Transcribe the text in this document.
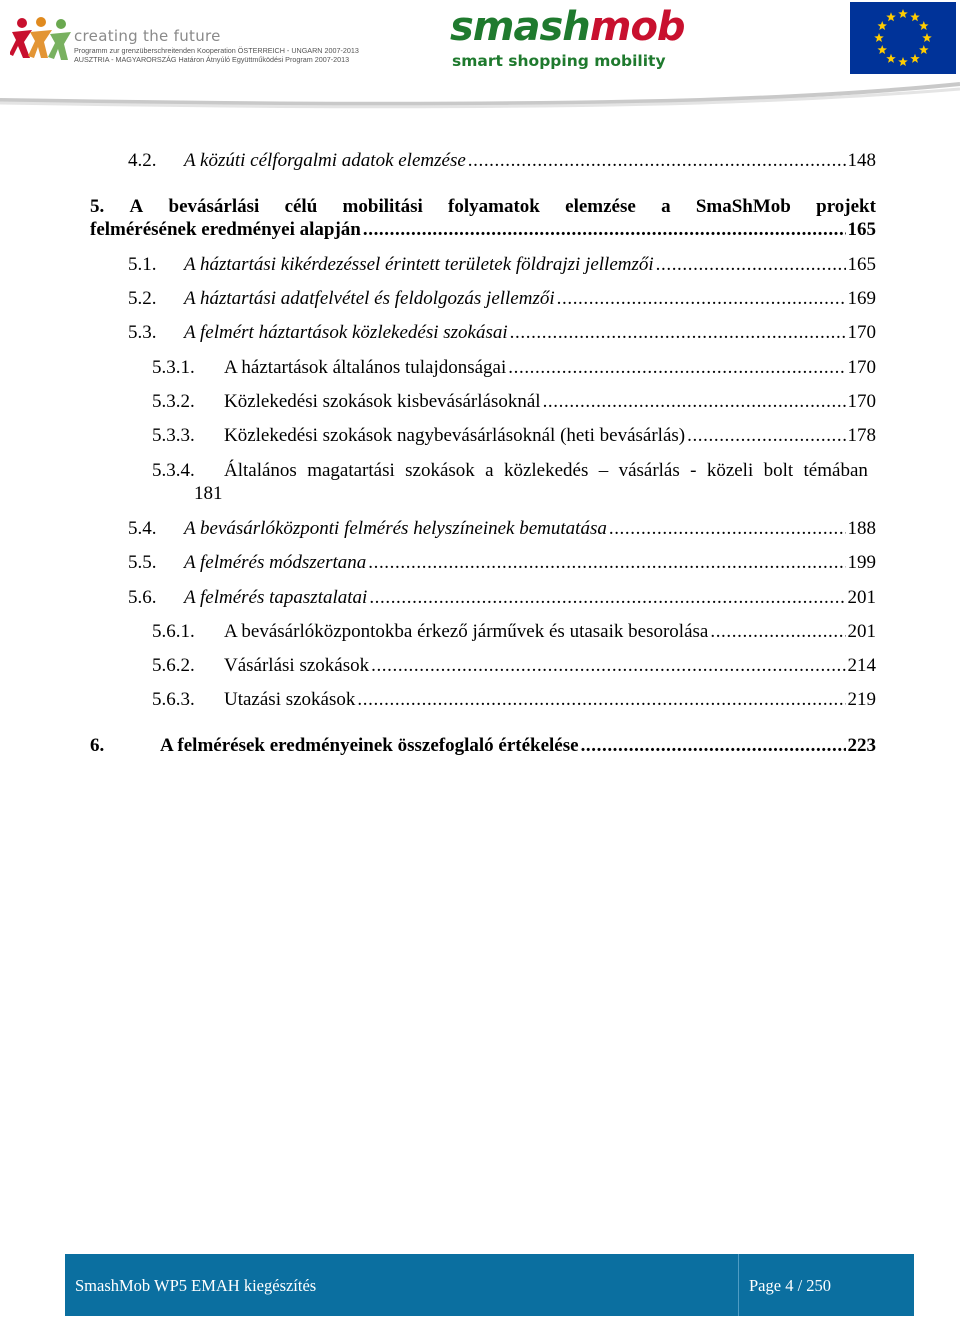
creating the future
Programm zur grenzüberschreitenden Kooperation ÖSTERREICH - UNGARN 2007-2013
AUSZTRIA - MAGYARORSZÁG Határon Átnyúló Együttműködési Program 2007-2013
smashmob
smart shopping mobility
4.2.	A közúti célforgalmi adatok elemzése .....	148
5. A bevásárlási célú mobilitási folyamatok elemzése a SmaShMob projekt
felmérésének eredményei alapján .....	165
5.1.	A háztartási kikérdezéssel érintett területek földrajzi jellemzői .....	165
5.2.	A háztartási adatfelvétel és feldolgozás jellemzői .....	169
5.3.	A felmért háztartások közlekedési szokásai .....	170
5.3.1.	A háztartások általános tulajdonságai .....	170
5.3.2.	Közlekedési szokások kisbevásárlásoknál .....	170
5.3.3.	Közlekedési szokások nagybevásárlásoknál (heti bevásárlás) .....	178
5.3.4.	Általános magatartási szokások a közlekedés – vásárlás - közeli bolt témában
181
5.4.	A bevásárlóközponti felmérés helyszíneinek bemutatása .....	188
5.5.	A felmérés módszertana .....	199
5.6.	A felmérés tapasztalatai .....	201
5.6.1.	A bevásárlóközpontokba érkező járművek és utasaik besorolása .....	201
5.6.2.	Vásárlási szokások .....	214
5.6.3.	Utazási szokások .....	219
6.	A felmérések eredményeinek összefoglaló értékelése .....	223
SmashMob WP5 EMAH kiegészítés	Page 4 / 250
